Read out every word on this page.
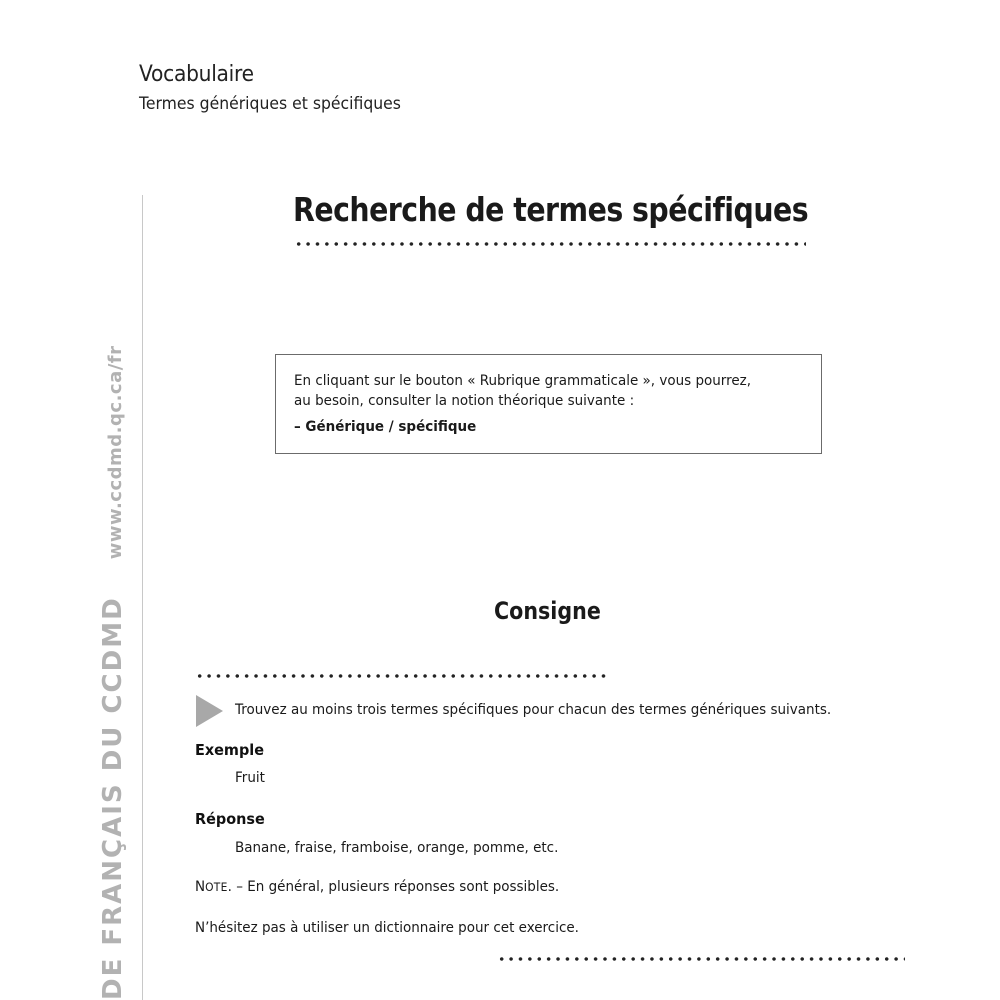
Vocabulaire
Termes génériques et spécifiques
DE FRANÇAIS DU CCDMD www.ccdmd.qc.ca/fr
Recherche de termes spécifiques
En cliquant sur le bouton « Rubrique grammaticale », vous pourrez,
au besoin, consulter la notion théorique suivante :
– Générique / spécifique
Consigne
Trouvez au moins trois termes spécifiques pour chacun des termes génériques suivants.
Exemple
Fruit
Réponse
Banane, fraise, framboise, orange, pomme, etc.
NOTE. – En général, plusieurs réponses sont possibles.
N’hésitez pas à utiliser un dictionnaire pour cet exercice.
